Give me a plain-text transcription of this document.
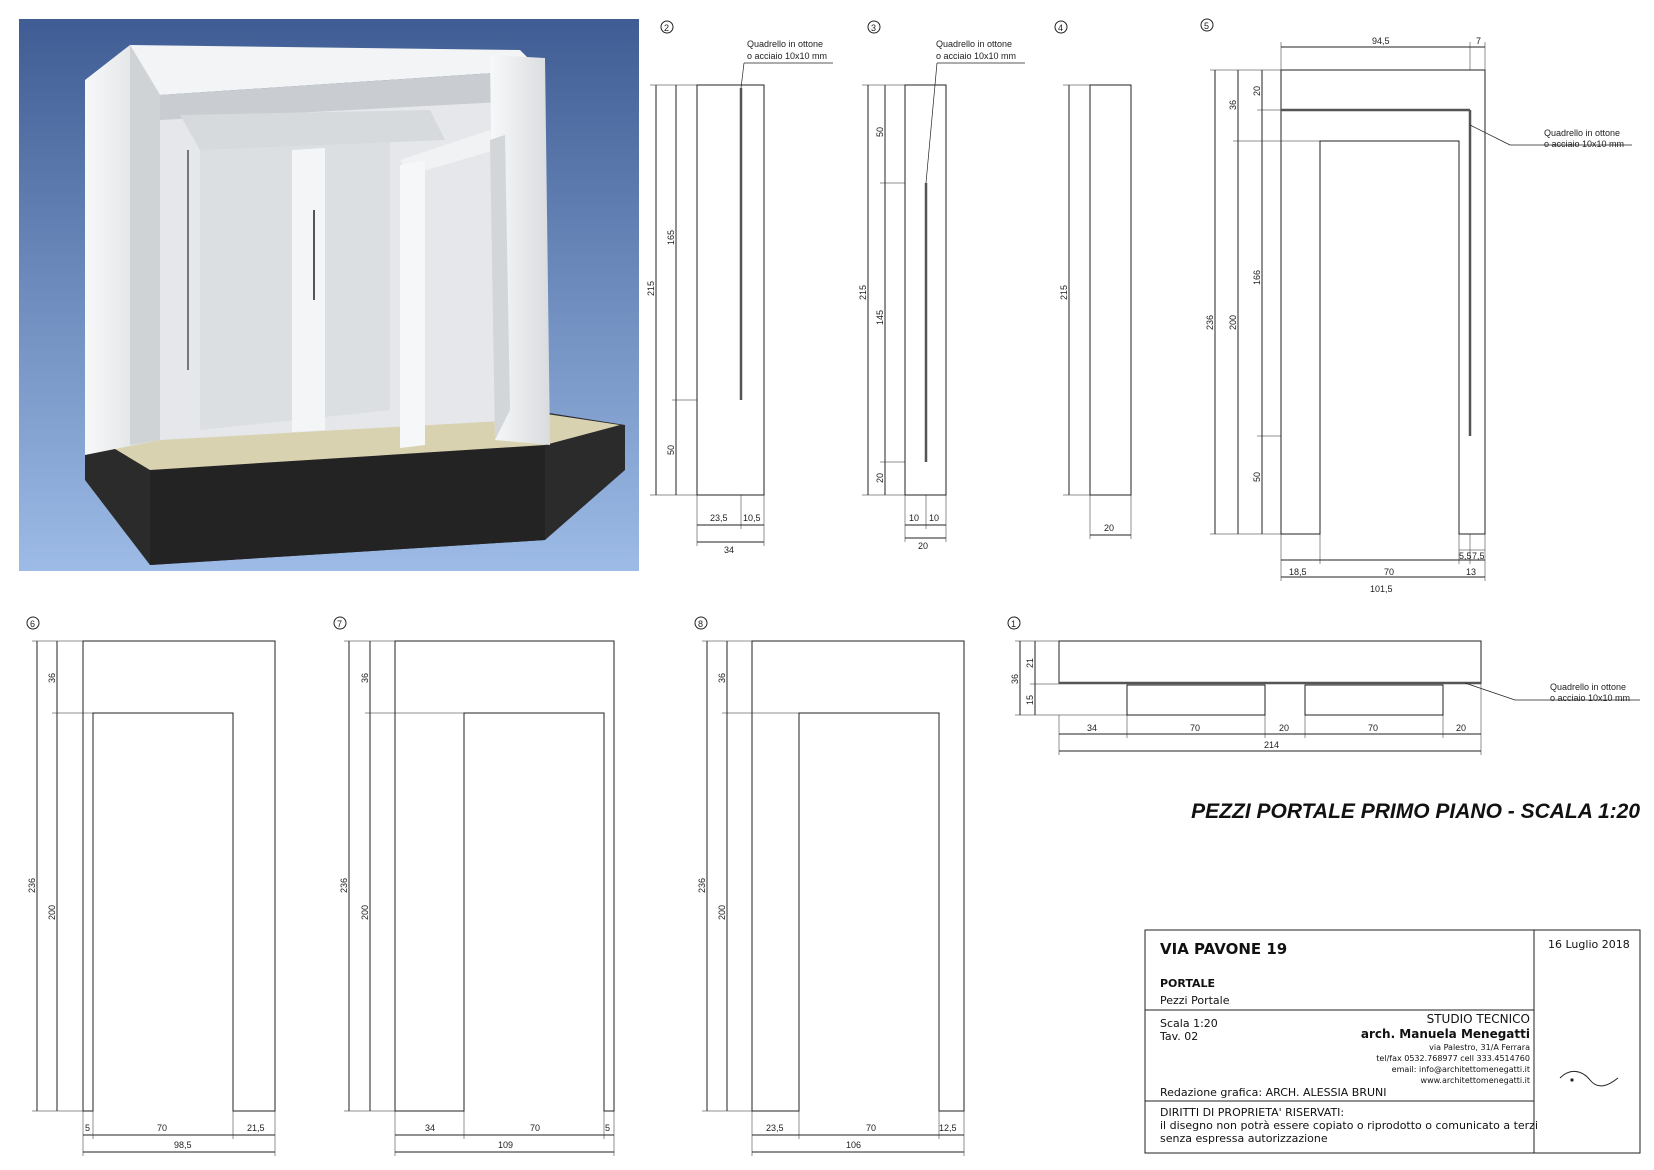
2
Quadrello in ottone
o acciaio 10x10 mm
215
165
50
23,5 10,5
34
3
Quadrello in ottone
o acciaio 10x10 mm
215
50
145
20
10 10
20
4
215
20
5
94,5	7
Quadrello in ottone
o acciaio 10x10 mm
236
36
200
20
166
50
5,5 7,5
18,5	70	13
101,5
6
236
36
200
5	70	21,5
98,5
7
236
36
200
34	70	5
109
8
236
36
200
23,5	70	12,5
106
1
Quadrello in ottone
o acciaio 10x10 mm
36
21
15
34	70	20	70	20
214
PEZZI PORTALE PRIMO PIANO - SCALA 1:20
VIA PAVONE 19	16 Luglio 2018
PORTALE
Pezzi Portale
Scala 1:20
Tav. 02
STUDIO TECNICO
arch. Manuela Menegatti
via Palestro, 31/A Ferrara
tel/fax 0532.768977 cell 333.4514760
email: info@architettomenegatti.it
www.architettomenegatti.it
Redazione grafica: ARCH. ALESSIA BRUNI
DIRITTI DI PROPRIETA' RISERVATI:
il disegno non potrà essere copiato o riprodotto o comunicato a terzi
senza espressa autorizzazione
